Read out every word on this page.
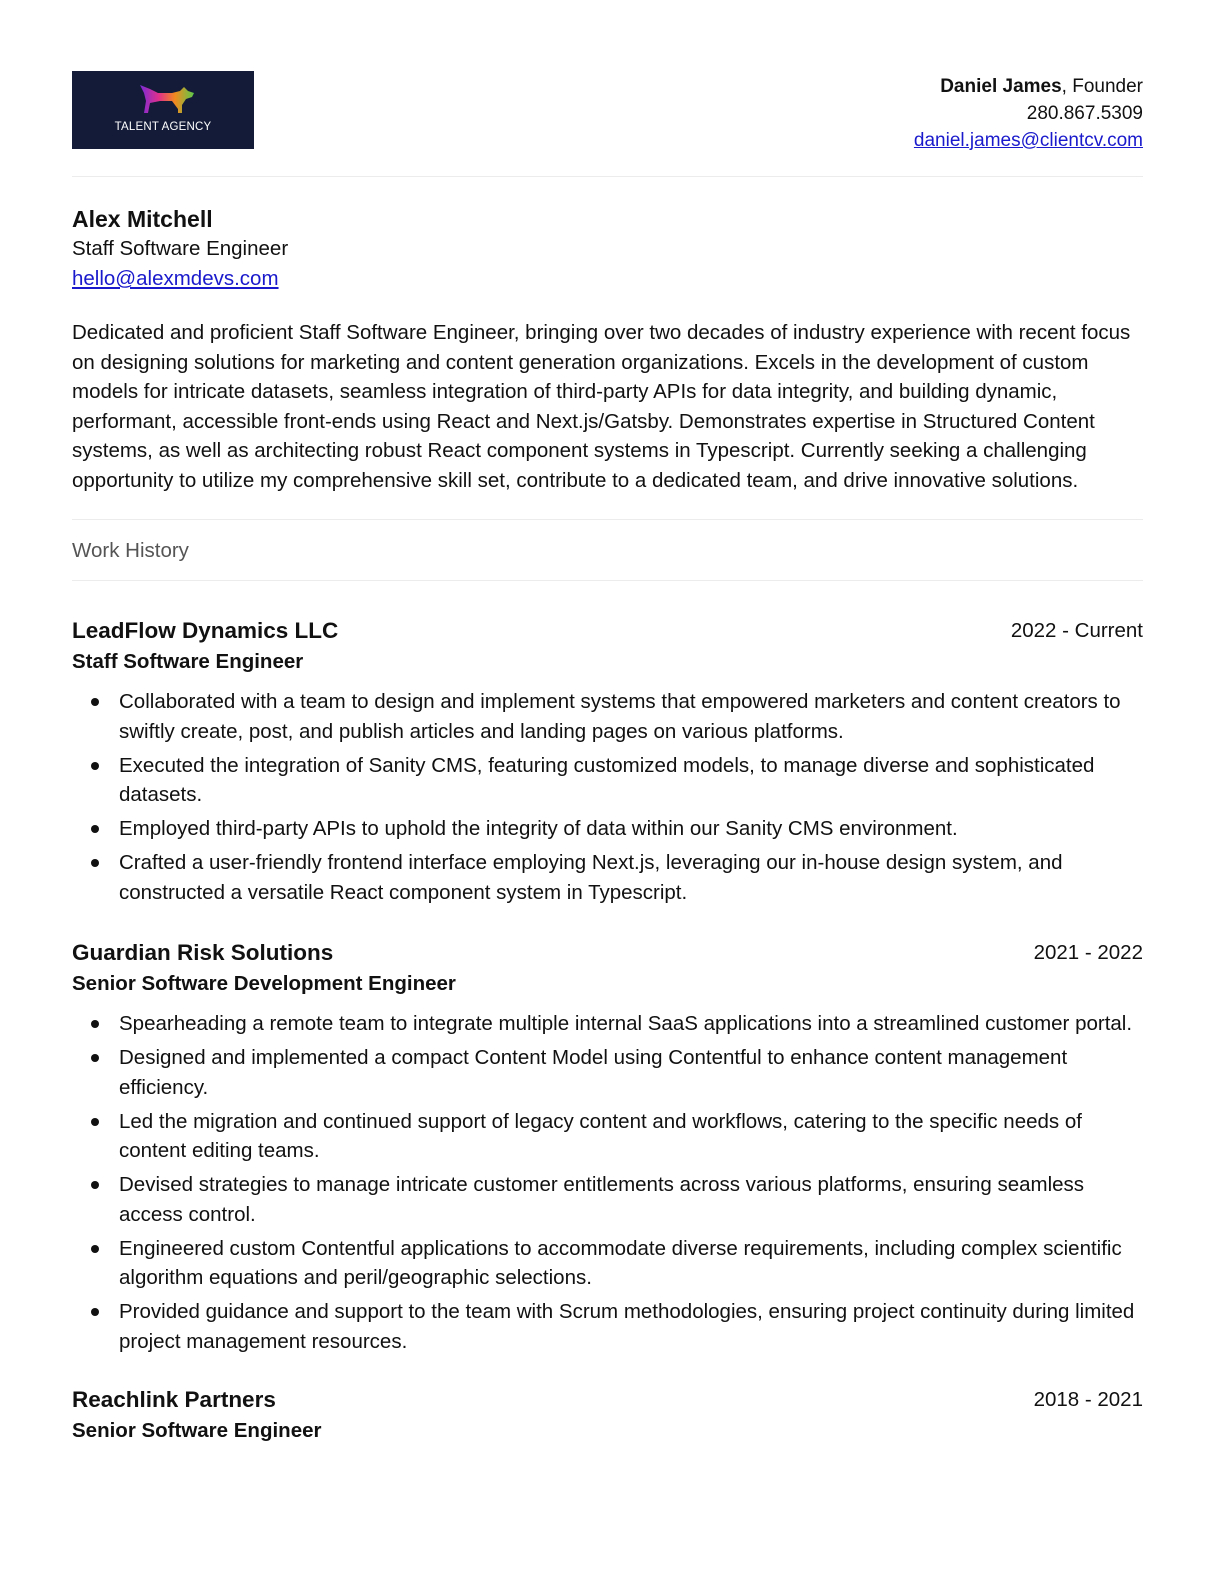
TALENT AGENCY
Daniel James, Founder
280.867.5309
daniel.james@clientcv.com
Alex Mitchell
Staff Software Engineer
hello@alexmdevs.com

Dedicated and proficient Staff Software Engineer, bringing over two decades of industry experience with recent focus on designing solutions for marketing and content generation organizations. Excels in the development of custom models for intricate datasets, seamless integration of third-party APIs for data integrity, and building dynamic, performant, accessible front-ends using React and Next.js/Gatsby. Demonstrates expertise in Structured Content systems, as well as architecting robust React component systems in Typescript. Currently seeking a challenging opportunity to utilize my comprehensive skill set, contribute to a dedicated team, and drive innovative solutions.

Work History
LeadFlow Dynamics LLC	2022 - Current
Staff Software Engineer
Collaborated with a team to design and implement systems that empowered marketers and content creators to swiftly create, post, and publish articles and landing pages on various platforms.
Executed the integration of Sanity CMS, featuring customized models, to manage diverse and sophisticated datasets.
Employed third-party APIs to uphold the integrity of data within our Sanity CMS environment.
Crafted a user-friendly frontend interface employing Next.js, leveraging our in-house design system, and constructed a versatile React component system in Typescript.
Guardian Risk Solutions	2021 - 2022
Senior Software Development Engineer
Spearheading a remote team to integrate multiple internal SaaS applications into a streamlined customer portal.
Designed and implemented a compact Content Model using Contentful to enhance content management efficiency.
Led the migration and continued support of legacy content and workflows, catering to the specific needs of content editing teams.
Devised strategies to manage intricate customer entitlements across various platforms, ensuring seamless access control.
Engineered custom Contentful applications to accommodate diverse requirements, including complex scientific algorithm equations and peril/geographic selections.
Provided guidance and support to the team with Scrum methodologies, ensuring project continuity during limited project management resources.
Reachlink Partners	2018 - 2021
Senior Software Engineer
